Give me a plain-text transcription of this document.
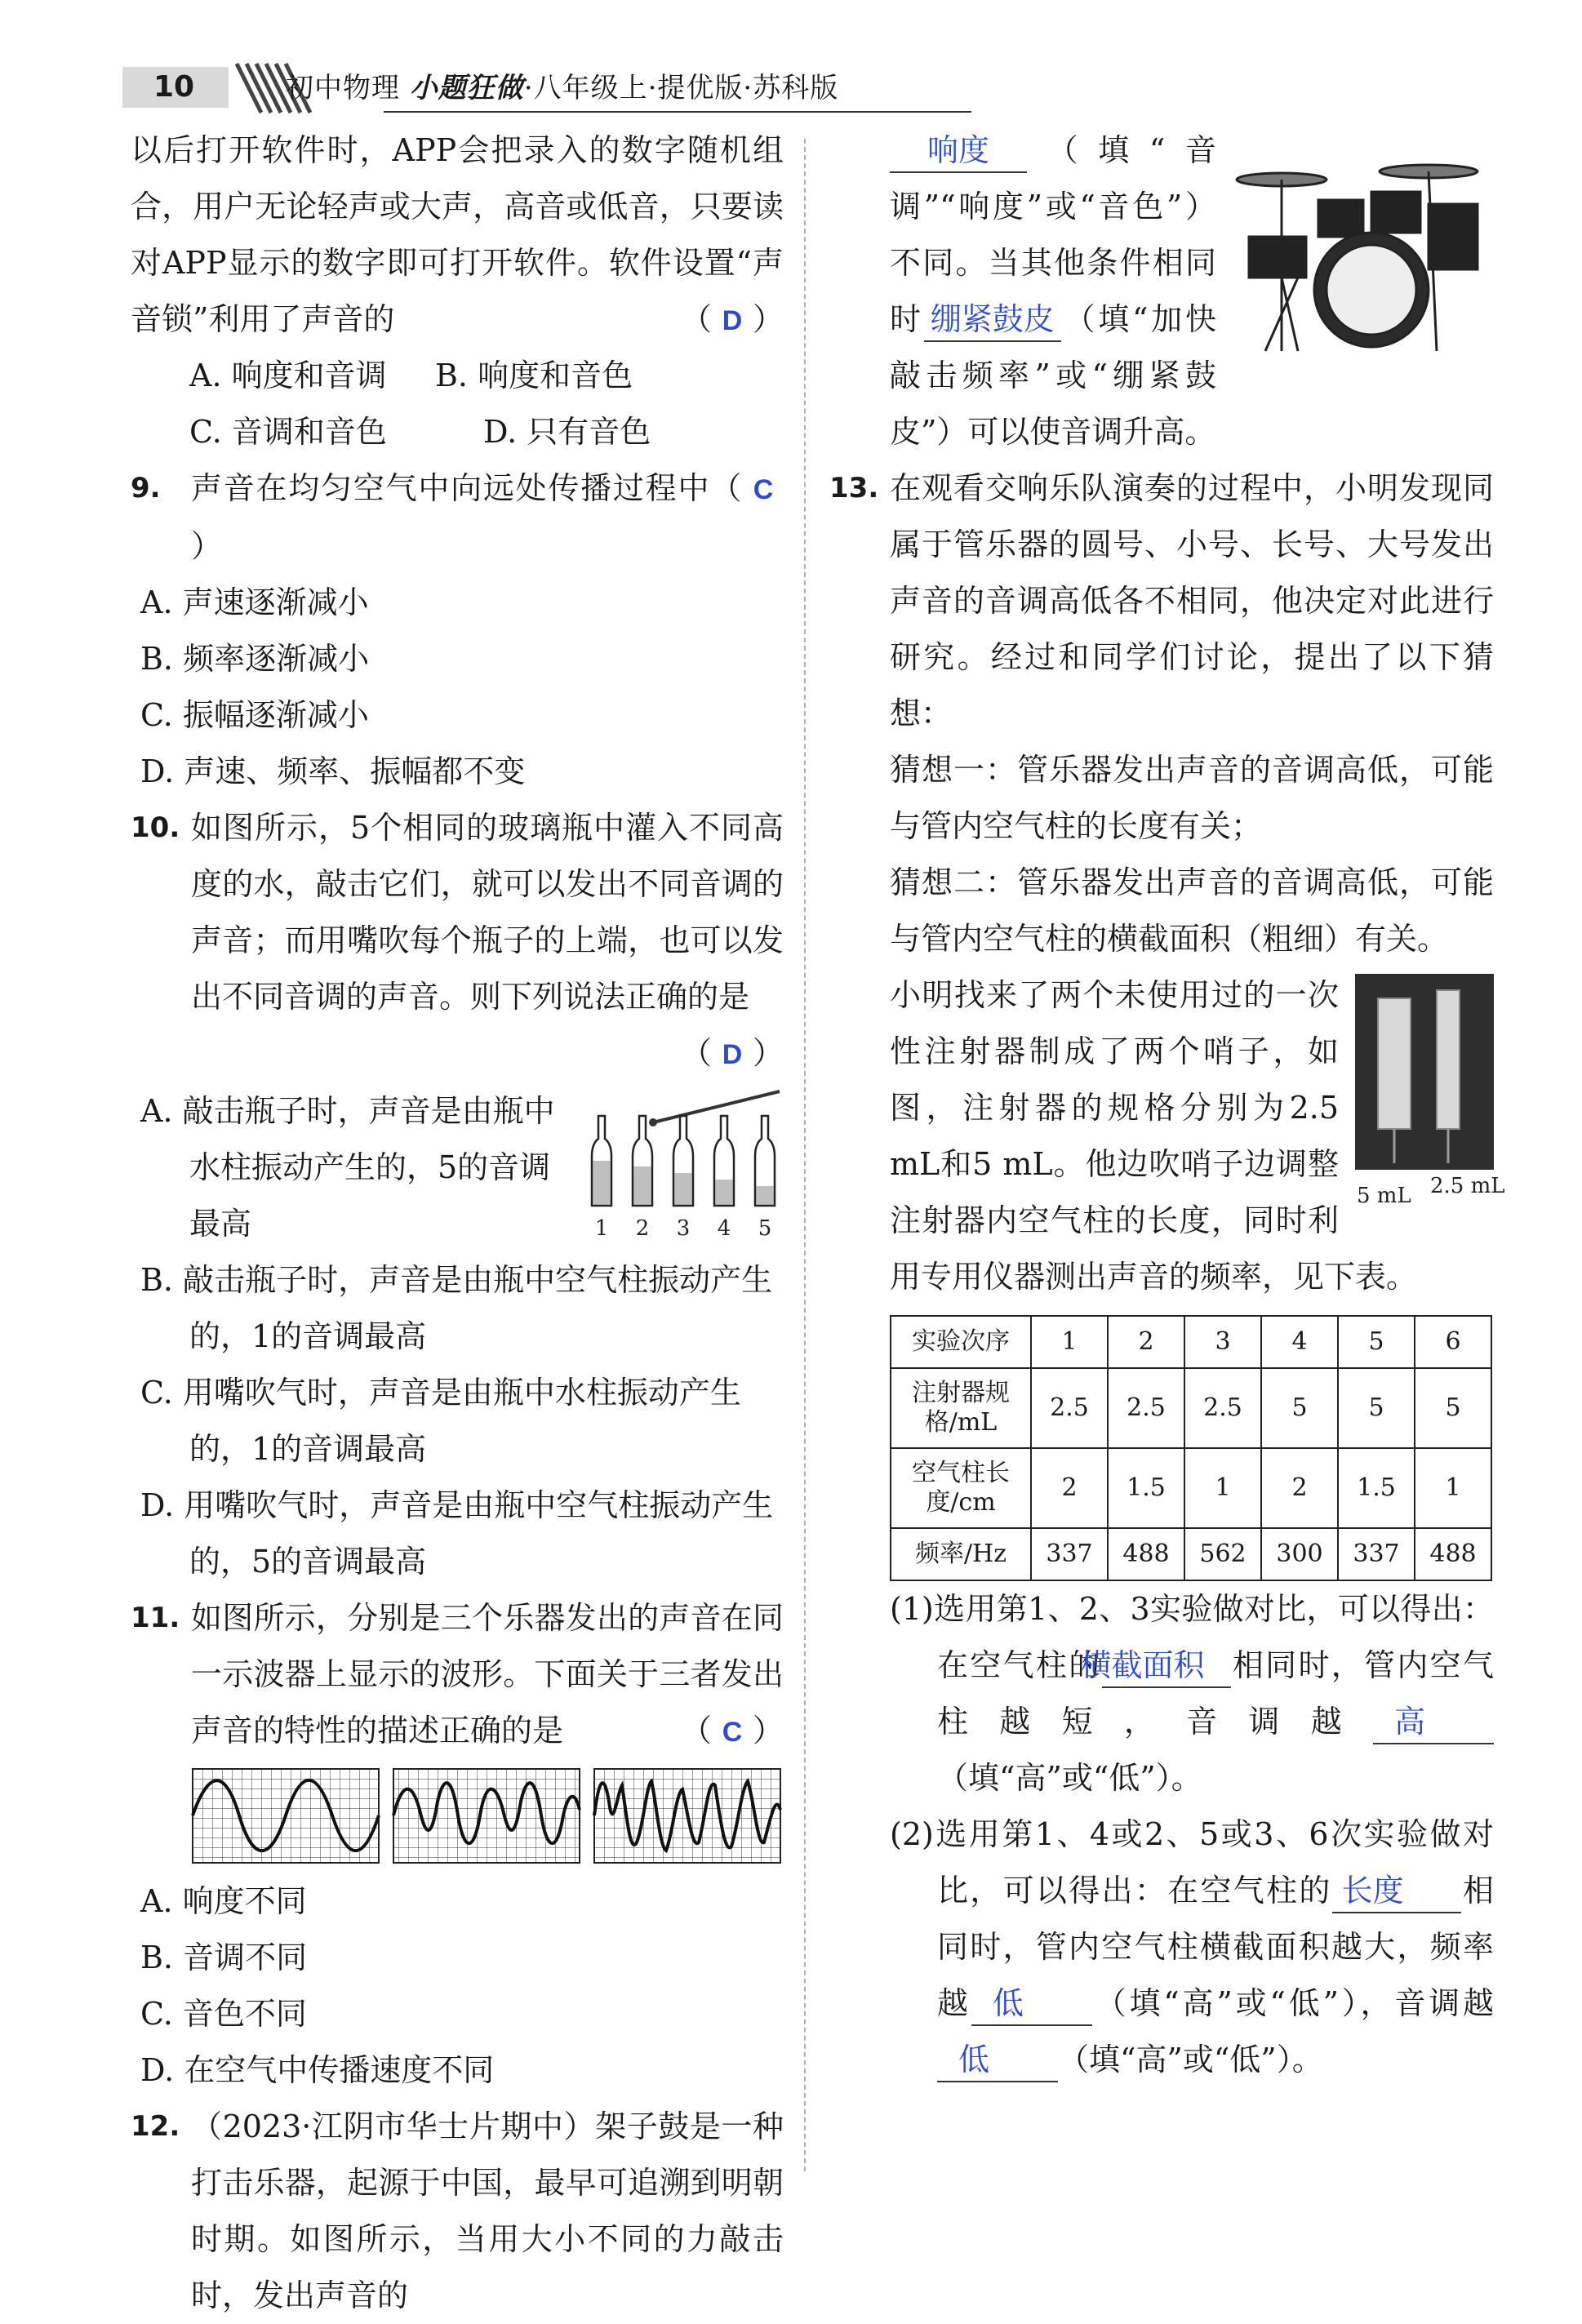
10	初中物理 小题狂做·八年级上·提优版·苏科版

以后打开软件时，APP会把录入的数字随机组合，用户无论轻声或大声，高音或低音，只要读对APP显示的数字即可打开软件。软件设置“声音锁”利用了声音的	（ D ）

A. 响度和音调	B. 响度和音色
C. 音调和音色	D. 只有音色

9. 声音在均匀空气中向远处传播过程中（ C）

A. 声速逐渐减小

B. 频率逐渐减小

C. 振幅逐渐减小

D. 声速、频率、振幅都不变

10. 如图所示，5个相同的玻璃瓶中灌入不同高度的水，敲击它们，就可以发出不同音调的声音；而用嘴吹每个瓶子的上端，也可以发出不同音调的声音。则下列说法正确的是

（ D ）

1 2 3 4 5

A. 敲击瓶子时，声音是由瓶中水柱振动产生的，5的音调最高

B. 敲击瓶子时，声音是由瓶中空气柱振动产生的，1的音调最高

C. 用嘴吹气时，声音是由瓶中水柱振动产生的，1的音调最高

D. 用嘴吹气时，声音是由瓶中空气柱振动产生的，5的音调最高

11. 如图所示，分别是三个乐器发出的声音在同一示波器上显示的波形。下面关于三者发出声音的特性的描述正确的是	（ C ）

A. 响度不同

B. 音调不同

C. 音色不同

D. 在空气中传播速度不同

12. （2023·江阴市华士片期中）架子鼓是一种打击乐器，起源于中国，最早可追溯到明朝时期。如图所示，当用大小不同的力敲击时，发出声音的

响度 （填“音调”“响度”或“音色”）不同。当其他条件相同时 绷紧鼓皮 （填“加快敲击频率”或“绷紧鼓皮”）可以使音调升高。

13. 在观看交响乐队演奏的过程中，小明发现同属于管乐器的圆号、小号、长号、大号发出声音的音调高低各不相同，他决定对此进行研究。经过和同学们讨论，提出了以下猜想：

猜想一：管乐器发出声音的音调高低，可能与管内空气柱的长度有关；

猜想二：管乐器发出声音的音调高低，可能与管内空气柱的横截面积（粗细）有关。

5 mL 2.5 mL

小明找来了两个未使用过的一次性注射器制成了两个哨子，如图，注射器的规格分别为2.5 mL和5 mL。他边吹哨子边调整注射器内空气柱的长度，同时利用专用仪器测出声音的频率，见下表。

实验次序	1	2	3	4	5	6
注射器规格/mL	2.5	2.5	2.5	5	5	5
空气柱长度/cm	2	1.5	1	2	1.5	1
频率/Hz	337	488	562	300	337	488

(1)选用第1、2、3实验做对比，可以得出：在空气柱的横截面积 相同时，管内空气柱越短，音调越 高（填“高”或“低”）。

(2)选用第1、4或2、5或3、6次实验做对比，可以得出：在空气柱的 长度 相同时，管内空气柱横截面积越大，频率越 低 （填“高”或“低”），音调越低 （填“高”或“低”）。
